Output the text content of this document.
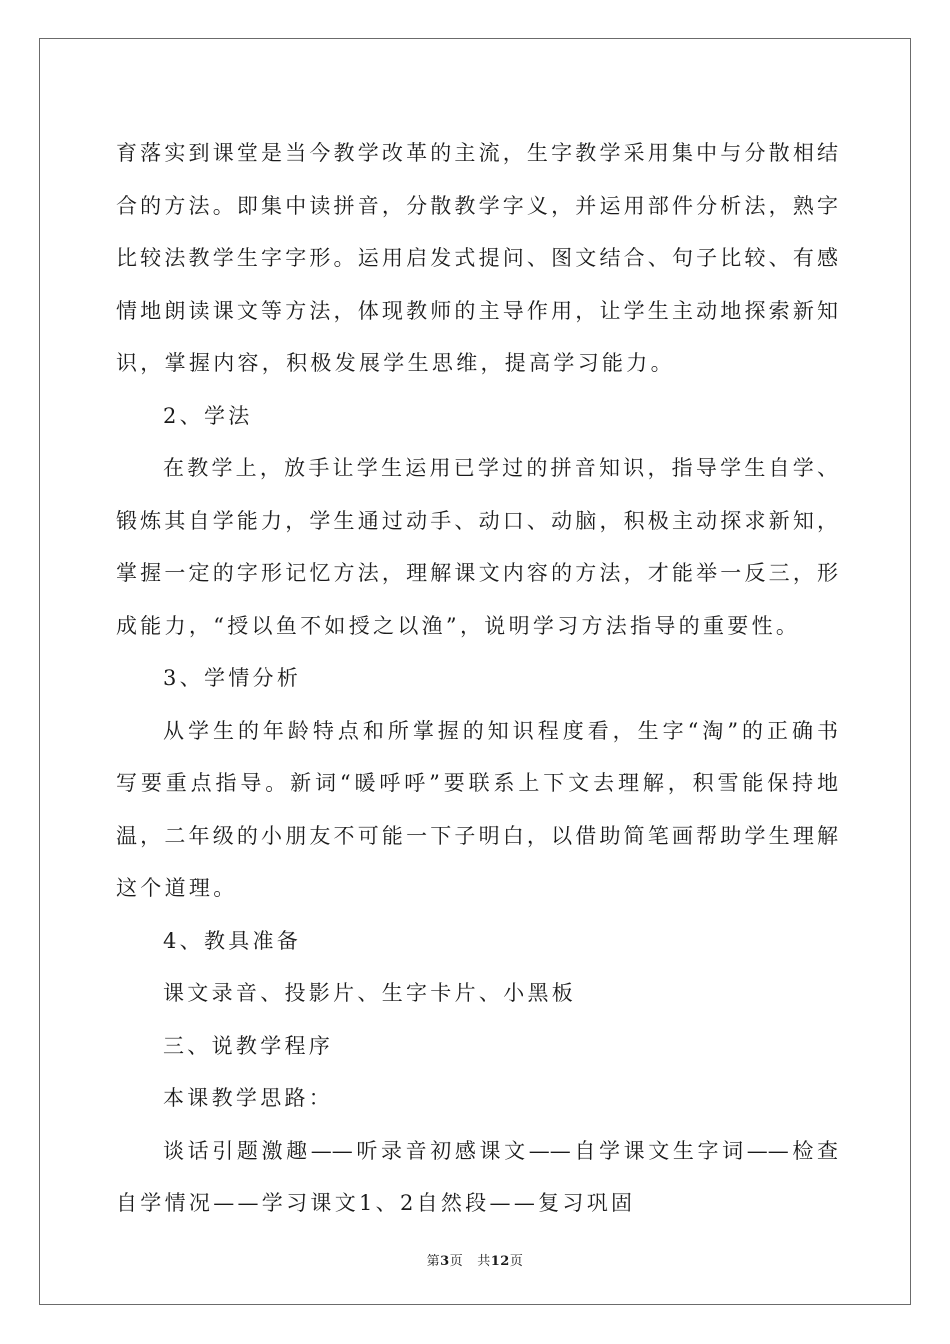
育落实到课堂是当今教学改革的主流，生字教学采用集中与分散相结
合的方法。即集中读拼音，分散教学字义，并运用部件分析法，熟字
比较法教学生字字形。运用启发式提问、图文结合、句子比较、有感
情地朗读课文等方法，体现教师的主导作用，让学生主动地探索新知
识，掌握内容，积极发展学生思维，提高学习能力。
2、学法
在教学上，放手让学生运用已学过的拼音知识，指导学生自学、
锻炼其自学能力，学生通过动手、动口、动脑，积极主动探求新知，
掌握一定的字形记忆方法，理解课文内容的方法，才能举一反三，形
成能力，“授以鱼不如授之以渔”，说明学习方法指导的重要性。
3、学情分析
从学生的年龄特点和所掌握的知识程度看，生字“淘”的正确书
写要重点指导。新词“暖呼呼”要联系上下文去理解，积雪能保持地
温，二年级的小朋友不可能一下子明白，以借助简笔画帮助学生理解
这个道理。
4、教具准备
课文录音、投影片、生字卡片、小黑板
三、说教学程序
本课教学思路：
谈话引题激趣——听录音初感课文——自学课文生字词——检查
自学情况——学习课文1、2自然段——复习巩固
第3页 共12页
